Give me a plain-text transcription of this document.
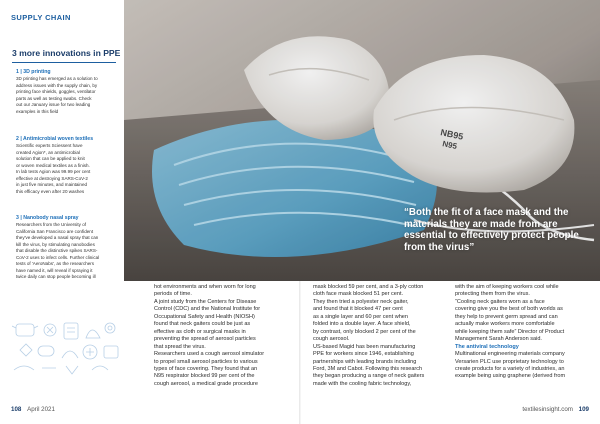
SUPPLY CHAIN
3 more innovations in PPE
1 | 3D printing
3D printing has emerged as a solution to
address issues with the supply chain, by
printing face shields, goggles, ventilator
parts as well as testing swabs. Check
out our January issue for two leading
examples in this field
2 | Antimicrobial woven textiles
Scientific experts Sciessent have
created Agion*, an antimicrobial
solution that can be applied to knit
or woven medical textiles as a finish.
In lab tests Agion was 99.99 per cent
effective at destroying SARS-CoV-2
in just five minutes, and maintained
this efficacy even after 20 washes
3 | Nanobody nasal spray
Researchers from the University of
California San Francisco are confident
they've developed a nasal spray that can
kill the virus, by stimulating nanobodies
that disable the distinctive spikes SARS-
CoV-2 uses to infect cells. Further clinical
tests of 'AeroNabs', as the researchers
have named it, will reveal if spraying it
twice daily can stop people becoming ill
“Both the fit of a face mask and the materials they are made from are essential to effectively protect people from the virus”

hot environments and when worn for long

periods of time.

A joint study from the Centers for Disease

Control (CDC) and the National Institute for

Occupational Safety and Health (NIOSH)

found that neck gaiters could be just as

effective as cloth or surgical masks in

preventing the spread of aerosol particles

that spread the virus.

Researchers used a cough aerosol simulator

to propel small aerosol particles to various

types of face covering. They found that an

N95 respirator blocked 99 per cent of the

cough aerosol, a medical grade procedure

mask blocked 59 per cent, and a 3-ply cotton

cloth face mask blocked 51 per cent.

They then tried a polyester neck gaiter,

and found that it blocked 47 per cent

as a single layer and 60 per cent when

folded into a double layer. A face shield,

by contrast, only blocked 2 per cent of the

cough aerosol.

US-based Magid has been manufacturing

PPE for workers since 1946, establishing

partnerships with leading brands including

Ford, 3M and Cabot. Following this research

they began producing a range of neck gaiters

made with the cooling fabric technology,

with the aim of keeping workers cool while

protecting them from the virus.

“Cooling neck gaiters worn as a face

covering give you the best of both worlds as

they help to prevent germ spread and can

actually make workers more comfortable

while keeping them safe” Director of Product

Management Sarah Anderson said.

The antiviral technology

Multinational engineering materials company

Versarien PLC use proprietary technology to

create products for a variety of industries, an

example being using graphene (derived from

108 April 2021	textilesinsight.com 109
